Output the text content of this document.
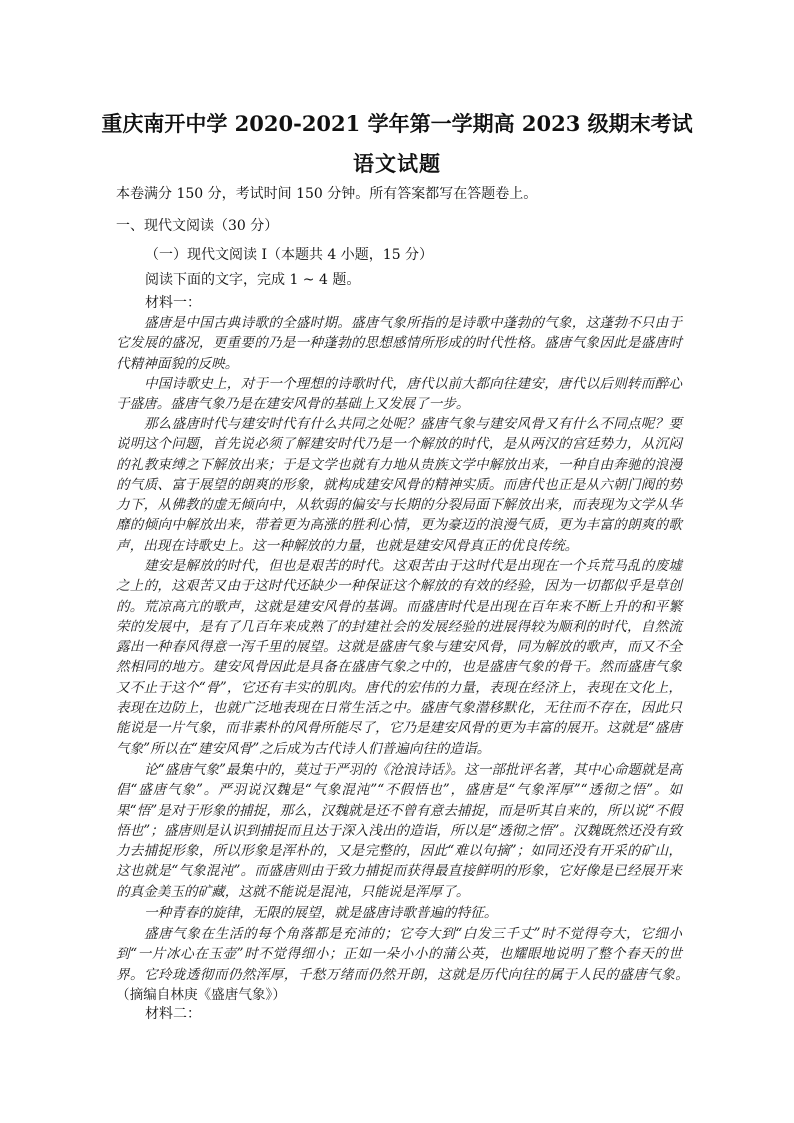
重庆南开中学 2020-2021 学年第一学期高 2023 级期末考试
语文试题

本卷满分 150 分，考试时间 150 分钟。所有答案都写在答题卷上。

一、现代文阅读（30 分）

（一）现代文阅读 I（本题共 4 小题，15 分）

阅读下面的文字，完成 1 ~ 4 题。

材料一：

盛唐是中国古典诗歌的全盛时期。盛唐气象所指的是诗歌中蓬勃的气象，这蓬勃不只由于它发展的盛况，更重要的乃是一种蓬勃的思想感情所形成的时代性格。盛唐气象因此是盛唐时代精神面貌的反映。

中国诗歌史上，对于一个理想的诗歌时代，唐代以前大都向往建安，唐代以后则转而醉心于盛唐。盛唐气象乃是在建安风骨的基础上又发展了一步。

那么盛唐时代与建安时代有什么共同之处呢？盛唐气象与建安风骨又有什么不同点呢？要说明这个问题，首先说必须了解建安时代乃是一个解放的时代，是从两汉的宫廷势力，从沉闷的礼教束缚之下解放出来；于是文学也就有力地从贵族文学中解放出来，一种自由奔驰的浪漫的气质、富于展望的朗爽的形象，就构成建安风骨的精神实质。而唐代也正是从六朝门阀的势力下，从佛教的虚无倾向中，从软弱的偏安与长期的分裂局面下解放出来，而表现为文学从华靡的倾向中解放出来，带着更为高涨的胜利心情，更为豪迈的浪漫气质，更为丰富的朗爽的歌声，出现在诗歌史上。这一种解放的力量，也就是建安风骨真正的优良传统。

建安是解放的时代，但也是艰苦的时代。这艰苦由于这时代是出现在一个兵荒马乱的废墟之上的，这艰苦又由于这时代还缺少一种保证这个解放的有效的经验，因为一切都似乎是草创的。荒凉高亢的歌声，这就是建安风骨的基调。而盛唐时代是出现在百年来不断上升的和平繁荣的发展中，是有了几百年来成熟了的封建社会的发展经验的进展得较为顺利的时代，自然流露出一种春风得意一泻千里的展望。这就是盛唐气象与建安风骨，同为解放的歌声，而又不全然相同的地方。建安风骨因此是具备在盛唐气象之中的，也是盛唐气象的骨干。然而盛唐气象又不止于这个“骨”，它还有丰实的肌肉。唐代的宏伟的力量，表现在经济上，表现在文化上，表现在边防上，也就广泛地表现在日常生活之中。盛唐气象潜移默化，无往而不存在，因此只能说是一片气象，而非素朴的风骨所能尽了，它乃是建安风骨的更为丰富的展开。这就是“盛唐气象”所以在“建安风骨”之后成为古代诗人们普遍向往的造诣。

论“盛唐气象”最集中的，莫过于严羽的《沧浪诗话》。这一部批评名著，其中心命题就是高倡“盛唐气象”。严羽说汉魏是“气象混沌”“不假悟也”，盛唐是“气象浑厚”“透彻之悟”。如果“悟”是对于形象的捕捉，那么，汉魏就是还不曾有意去捕捉，而是听其自来的，所以说“不假悟也”；盛唐则是认识到捕捉而且达于深入浅出的造诣，所以是“透彻之悟”。汉魏既然还没有致力去捕捉形象，所以形象是浑朴的，又是完整的，因此“难以句摘”；如同还没有开采的矿山，这也就是“气象混沌”。而盛唐则由于致力捕捉而获得最直接鲜明的形象，它好像是已经展开来的真金美玉的矿藏，这就不能说是混沌，只能说是浑厚了。

一种青春的旋律，无限的展望，就是盛唐诗歌普遍的特征。

盛唐气象在生活的每个角落都是充沛的；它夸大到“白发三千丈”时不觉得夸大，它细小到“一片冰心在玉壶”时不觉得细小；正如一朵小小的蒲公英，也耀眼地说明了整个春天的世界。它玲珑透彻而仍然浑厚，千愁万绪而仍然开朗，这就是历代向往的属于人民的盛唐气象。　　（摘编自林庚《盛唐气象》）

材料二：
